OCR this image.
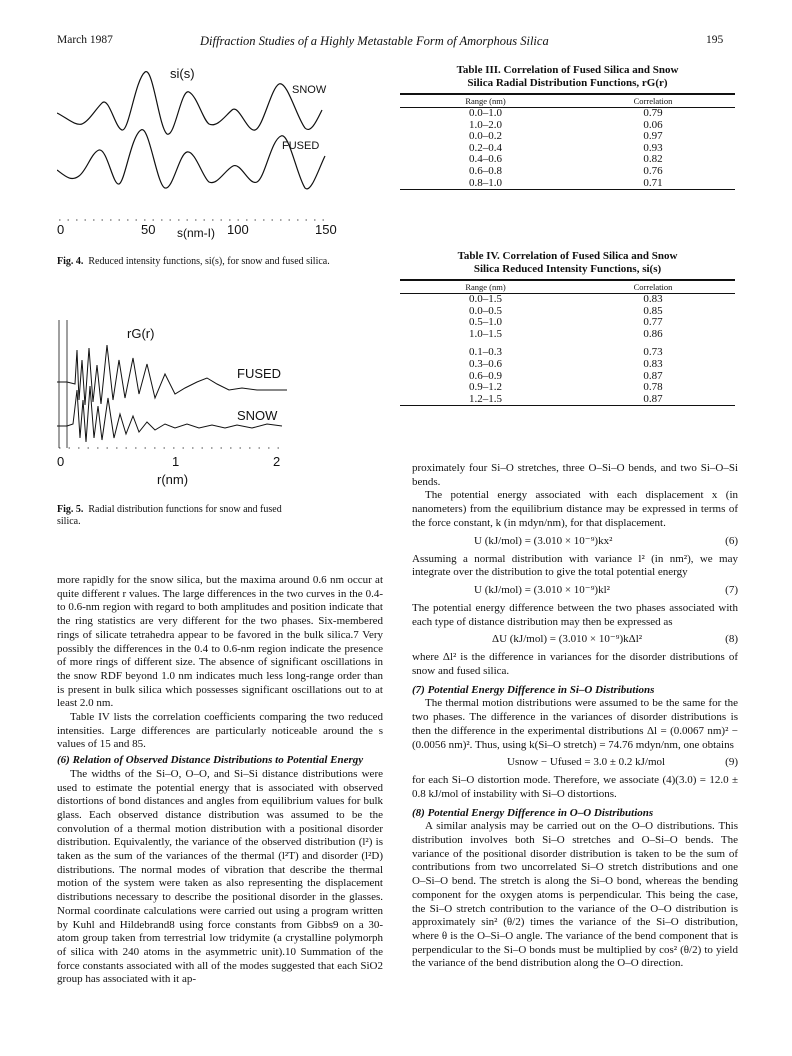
March 1987	Diffraction Studies of a Highly Metastable Form of Amorphous Silica	195
si(s)
SNOW
FUSED
0	50 s(nm-I) 100	150
Fig. 4. Reduced intensity functions, si(s), for snow and fused silica.
rG(r)
FUSED
SNOW
0	1	2
r(nm)
Fig. 5. Radial distribution functions for snow and fused silica.

more rapidly for the snow silica, but the maxima around 0.6 nm occur at quite different r values. The large differences in the two curves in the 0.4- to 0.6-nm region with regard to both amplitudes and position indicate that the ring statistics are very different for the two phases. Six-membered rings of silicate tetrahedra appear to be favored in the bulk silica.7 Very possibly the differences in the 0.4 to 0.6-nm region indicate the presence of more rings of different size. The absence of significant oscillations in the snow RDF beyond 1.0 nm indicates much less long-range order than is present in bulk silica which possesses significant oscillations out to at least 2.0 nm.

Table IV lists the correlation coefficients comparing the two reduced intensities. Large differences are particularly noticeable around the s values of 15 and 85.

(6) Relation of Observed Distance Distributions to Potential Energy

The widths of the Si–O, O–O, and Si–Si distance distributions were used to estimate the potential energy that is associated with observed distortions of bond distances and angles from equilibrium values for bulk glass. Each observed distance distribution was assumed to be the convolution of a thermal motion distribution with a positional disorder distribution. Equivalently, the variance of the observed distribution (l²) is taken as the sum of the variances of the thermal (l²T) and disorder (l²D) distributions. The normal modes of vibration that describe the thermal motion of the system were taken as also representing the displacement distributions necessary to describe the positional disorder in the glasses. Normal coordinate calculations were carried out using a program written by Kuhl and Hildebrand8 using force constants from Gibbs9 on a 30-atom group taken from terrestrial low tridymite (a crystalline polymorph of silica with 240 atoms in the asymmetric unit).10 Summation of the force constants associated with all of the modes suggested that each SiO2 group has associated with it ap-

Table III. Correlation of Fused Silica and Snow
Silica Radial Distribution Functions, rG(r)
Range (nm)	Correlation
0.0–1.0	0.79
1.0–2.0	0.06
0.0–0.2	0.97
0.2–0.4	0.93
0.4–0.6	0.82
0.6–0.8	0.76
0.8–1.0	0.71
Table IV. Correlation of Fused Silica and Snow
Silica Reduced Intensity Functions, si(s)
Range (nm)	Correlation
0.0–1.5	0.83
0.0–0.5	0.85
0.5–1.0	0.77
1.0–1.5	0.86

0.1–0.3	0.73
0.3–0.6	0.83
0.6–0.9	0.87
0.9–1.2	0.78
1.2–1.5	0.87

proximately four Si–O stretches, three O–Si–O bends, and two Si–O–Si bends.

The potential energy associated with each displacement x (in nanometers) from the equilibrium distance may be expressed in terms of the force constant, k (in mdyn/nm), for that displacement.

U (kJ/mol) = (3.010 × 10⁻⁹)kx²	(6)

Assuming a normal distribution with variance l² (in nm²), we may integrate over the distribution to give the total potential energy

U (kJ/mol) = (3.010 × 10⁻⁹)kl²	(7)

The potential energy difference between the two phases associated with each type of distance distribution may then be expressed as

ΔU (kJ/mol) = (3.010 × 10⁻⁹)kΔl²	(8)

where Δl² is the difference in variances for the disorder distributions of snow and fused silica.

(7) Potential Energy Difference in Si–O Distributions

The thermal motion distributions were assumed to be the same for the two phases. The difference in the variances of disorder distributions is then the difference in the experimental distributions Δl = (0.0067 nm)² − (0.0056 nm)². Thus, using k(Si–O stretch) = 74.76 mdyn/nm, one obtains

Usnow − Ufused = 3.0 ± 0.2 kJ/mol	(9)

for each Si–O distortion mode. Therefore, we associate (4)(3.0) = 12.0 ± 0.8 kJ/mol of instability with Si–O distortions.

(8) Potential Energy Difference in O–O Distributions

A similar analysis may be carried out on the O–O distributions. This distribution involves both Si–O stretches and O–Si–O bends. The variance of the positional disorder distribution is taken to be the sum of contributions from two uncorrelated Si–O stretch distributions and one O–Si–O bend. The stretch is along the Si–O bond, whereas the bending component for the oxygen atoms is perpendicular. This being the case, the Si–O stretch contribution to the variance of the O–O distribution is approximately sin² (θ/2) times the variance of the Si–O distribution, where θ is the O–Si–O angle. The variance of the bend component that is perpendicular to the Si–O bonds must be multiplied by cos² (θ/2) to yield the variance of the bend distribution along the O–O direction.
